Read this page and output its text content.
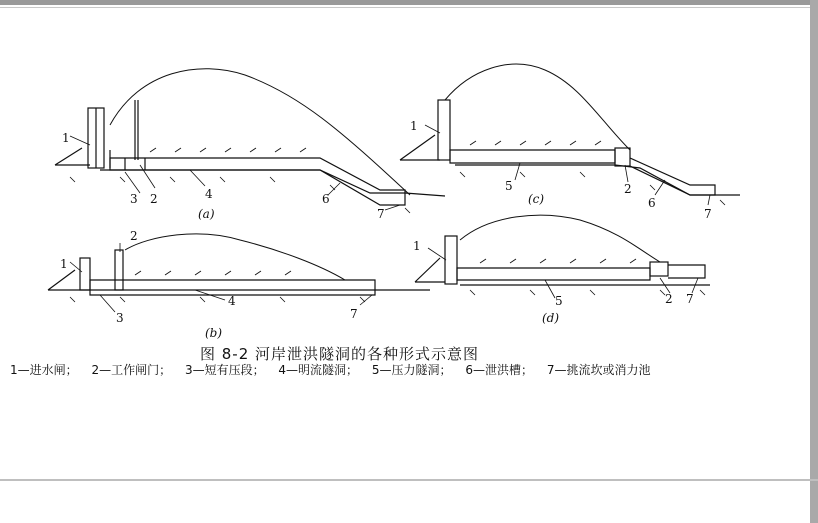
1
2
3	4	6
7
(a)
1
2
3
4
7
(b)
1
2
5
6
7
(c)
1
2
5	7
(d)
图 8-2 河岸泄洪隧洞的各种形式示意图
1—进水闸； 2—工作闸门； 3—短有压段； 4—明流隧洞； 5—压力隧洞； 6—泄洪槽； 7—挑流坎或消力池
